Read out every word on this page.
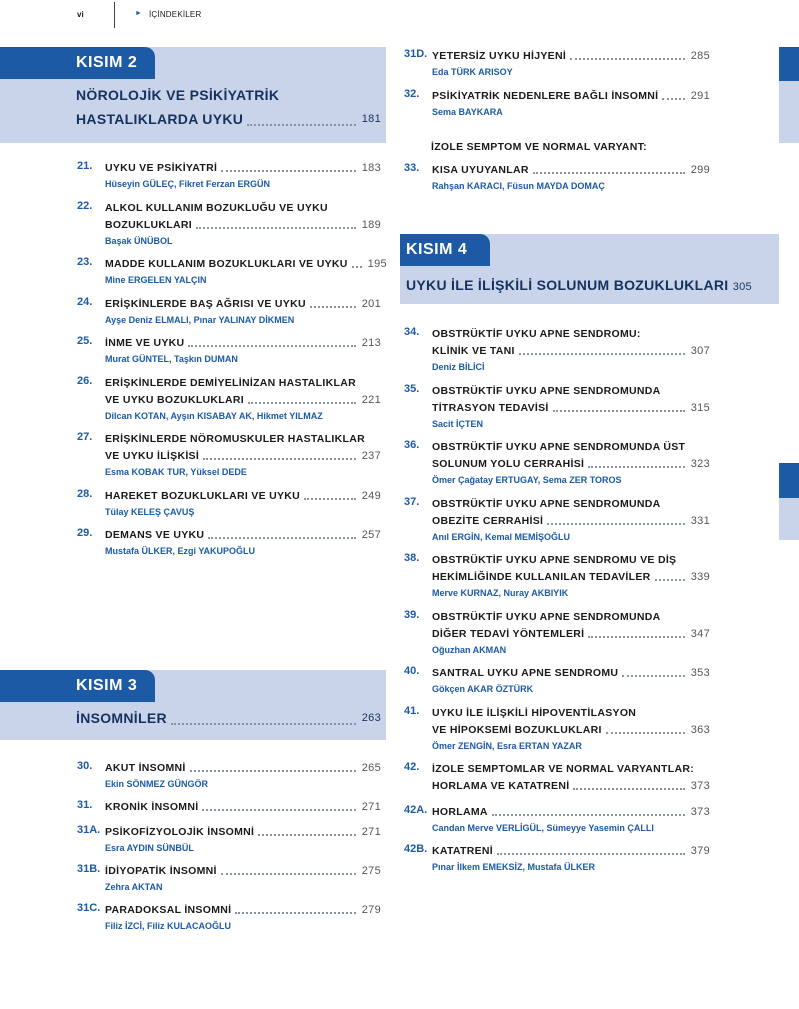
vi	► İÇİNDEKİLER
KISIM 2
NÖROLOJİK VE PSİKİYATRİK
HASTALIKLARDA UYKU	181
21. UYKU VE PSİKİYATRİ	183
Hüseyin GÜLEÇ, Fikret Ferzan ERGÜN
22. ALKOL KULLANIM BOZUKLUĞU VE UYKU
BOZUKLUKLARI	189
Başak ÜNÜBOL
23. MADDE KULLANIM BOZUKLUKLARI VE UYKU 195
Mine ERGELEN YALÇIN
24. ERİŞKİNLERDE BAŞ AĞRISI VE UYKU	201
Ayşe Deniz ELMALI, Pınar YALINAY DİKMEN
25. İNME VE UYKU	213
Murat GÜNTEL, Taşkın DUMAN
26. ERİŞKİNLERDE DEMİYELİNİZAN HASTALIKLAR
VE UYKU BOZUKLUKLARI	221
Dilcan KOTAN, Ayşın KISABAY AK, Hikmet YILMAZ
27. ERİŞKİNLERDE NÖROMUSKULER HASTALIKLAR
VE UYKU İLİŞKİSİ	237
Esma KOBAK TUR, Yüksel DEDE
28. HAREKET BOZUKLUKLARI VE UYKU	249
Tülay KELEŞ ÇAVUŞ
29. DEMANS VE UYKU	257
Mustafa ÜLKER, Ezgi YAKUPOĞLU
KISIM 3
İNSOMNİLER	263
30. AKUT İNSOMNİ	265
Ekin SÖNMEZ GÜNGÖR
31. KRONİK İNSOMNİ	271
31A. PSİKOFİZYOLOJİK İNSOMNİ	271
Esra AYDIN SÜNBÜL
31B. İDİYOPATİK İNSOMNİ	275
Zehra AKTAN
31C. PARADOKSAL İNSOMNİ	279
Filiz İZCİ, Filiz KULACAOĞLU
31D. YETERSİZ UYKU HİJYENİ	285
Eda TÜRK ARISOY
32. PSİKİYATRİK NEDENLERE BAĞLI İNSOMNİ	291
Sema BAYKARA
İZOLE SEMPTOM VE NORMAL VARYANT:
33. KISA UYUYANLAR	299
Rahşan KARACI, Füsun MAYDA DOMAÇ
KISIM 4
UYKU İLE İLİŞKİLİ SOLUNUM BOZUKLUKLARI 305
34. OBSTRÜKTİF UYKU APNE SENDROMU:
KLİNİK VE TANI	307
Deniz BİLİCİ
35. OBSTRÜKTİF UYKU APNE SENDROMUNDA
TİTRASYON TEDAVİSİ	315
Sacit İÇTEN
36. OBSTRÜKTİF UYKU APNE SENDROMUNDA ÜST
SOLUNUM YOLU CERRAHİSİ	323
Ömer Çağatay ERTUGAY, Sema ZER TOROS
37. OBSTRÜKTİF UYKU APNE SENDROMUNDA
OBEZİTE CERRAHİSİ	331
Anıl ERGİN, Kemal MEMİŞOĞLU
38. OBSTRÜKTİF UYKU APNE SENDROMU VE DİŞ
HEKİMLİĞİNDE KULLANILAN TEDAVİLER	339
Merve KURNAZ, Nuray AKBIYIK
39. OBSTRÜKTİF UYKU APNE SENDROMUNDA
DİĞER TEDAVİ YÖNTEMLERİ	347
Oğuzhan AKMAN
40. SANTRAL UYKU APNE SENDROMU	353
Gökçen AKAR ÖZTÜRK
41. UYKU İLE İLİŞKİLİ HİPOVENTİLASYON
VE HİPOKSEMİ BOZUKLUKLARI	363
Ömer ZENGİN, Esra ERTAN YAZAR
42. İZOLE SEMPTOMLAR VE NORMAL VARYANTLAR:
HORLAMA VE KATATRENİ	373
42A. HORLAMA	373
Candan Merve VERLİGÜL, Sümeyye Yasemin ÇALLI
42B. KATATRENİ	379
Pınar İlkem EMEKSİZ, Mustafa ÜLKER
